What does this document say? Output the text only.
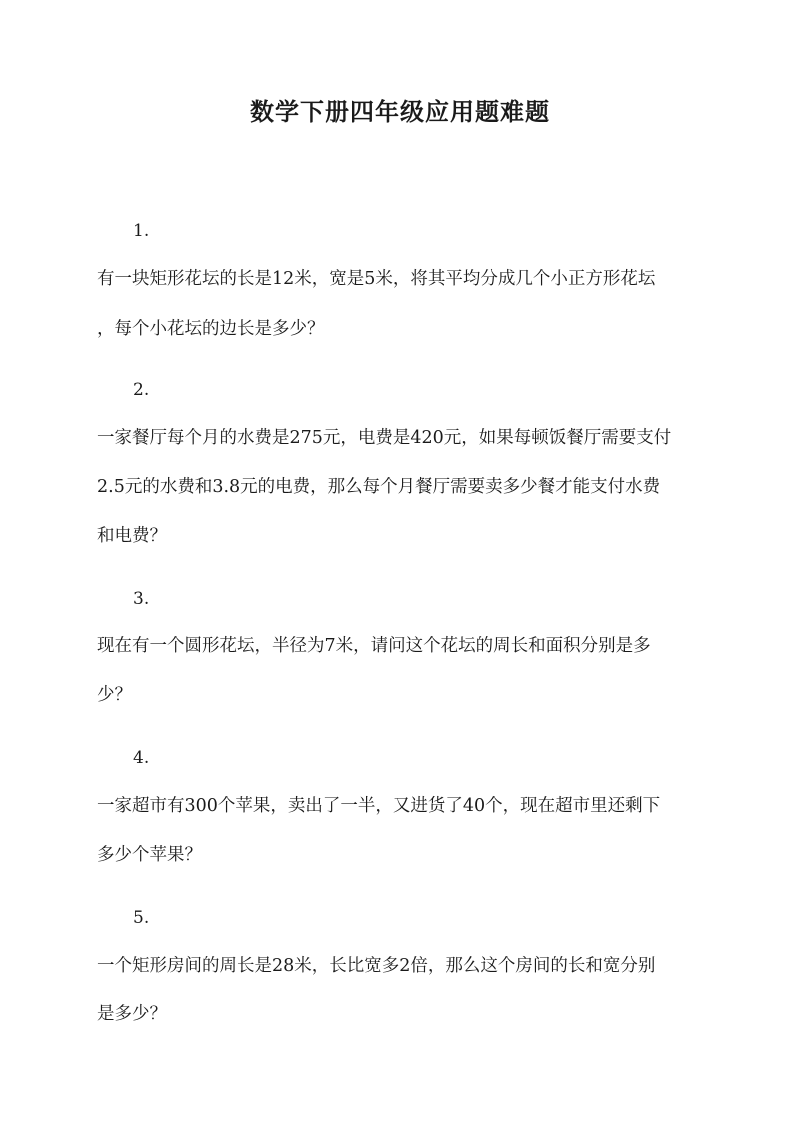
数学下册四年级应用题难题
1.
有一块矩形花坛的长是12米，宽是5米，将其平均分成几个小正方形花坛
，每个小花坛的边长是多少？
2.
一家餐厅每个月的水费是275元，电费是420元，如果每顿饭餐厅需要支付
2.5元的水费和3.8元的电费，那么每个月餐厅需要卖多少餐才能支付水费
和电费？
3.
现在有一个圆形花坛，半径为7米，请问这个花坛的周长和面积分别是多
少？
4.
一家超市有300个苹果，卖出了一半，又进货了40个，现在超市里还剩下
多少个苹果？
5.
一个矩形房间的周长是28米，长比宽多2倍，那么这个房间的长和宽分别
是多少？
